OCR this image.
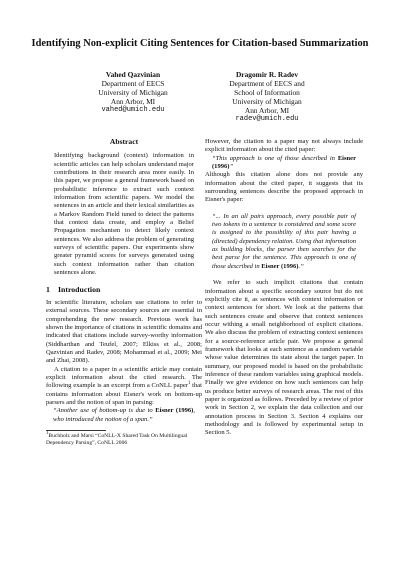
Identifying Non-explicit Citing Sentences for Citation-based Summarization
Vahed Qazvinian
Department of EECS
University of Michigan
Ann Arbor, MI
vahed@umich.edu
Dragomir R. Radev
Department of EECS and
School of Information
University of Michigan
Ann Arbor, MI
radev@umich.edu
Abstract

Identifying background (context) information in scientific articles can help scholars understand major contributions in their research area more easily. In this paper, we propose a general framework based on probabilistic inference to extract such context information from scientific papers. We model the sentences in an article and their lexical similarities as a Markov Random Field tuned to detect the patterns that context data create, and employ a Belief Propagation mechanism to detect likely context sentences. We also address the problem of generating surveys of scientific papers. Our experiments show greater pyramid scores for surveys generated using such context information rather than citation sentences alone.

1 Introduction

In scientific literature, scholars use citations to refer to external sources. These secondary sources are essential in comprehending the new research. Previous work has shown the importance of citations in scientific domains and indicated that citations include survey-worthy information (Siddharthan and Teufel, 2007; Elkiss et al., 2008; Qazvinian and Radev, 2008; Mohammad et al., 2009; Mei and Zhai, 2008).

A citation to a paper in a scientific article may contain explicit information about the cited research. The following example is an excerpt from a CoNLL paper$^1$ that contains information about Eisner's work on bottom-up parsers and the notion of span in parsing:

“Another use of bottom-up is due to Eisner (1996), who introduced the notion of a span.”

1Buchholz and Marsi “CoNLL-X Shared Task On Multilingual Dependency Parsing”, CoNLL 2006

However, the citation to a paper may not always include explicit information about the cited paper:

“This approach is one of those described in Eisner (1996)”

Although this citation alone does not provide any information about the cited paper, it suggests that its surrounding sentences describe the proposed approach in Eisner's paper:

“... In an all pairs approach, every possible pair of two tokens in a sentence is considered and some score is assigned to the possibility of this pair having a (directed) dependency relation. Using that information as building blocks, the parser then searches for the best parse for the sentence. This approach is one of those described in Eisner (1996).”

We refer to such implicit citations that contain information about a specific secondary source but do not explicitly cite it, as sentences with context information or context sentences for short. We look at the patterns that such sentences create and observe that context sentences occur withing a small neighborhood of explicit citations. We also discuss the problem of extracting context sentences for a source-reference article pair. We propose a general framework that looks at each sentence as a random variable whose value determines its state about the target paper. In summary, our proposed model is based on the probabilistic inference of these random variables using graphical models. Finally we give evidence on how such sentences can help us produce better surveys of research areas. The rest of this paper is organized as follows. Preceded by a review of prior work in Section 2, we explain the data collection and our annotation process in Section 3. Section 4 explains our methodology and is followed by experimental setup in Section 5.
